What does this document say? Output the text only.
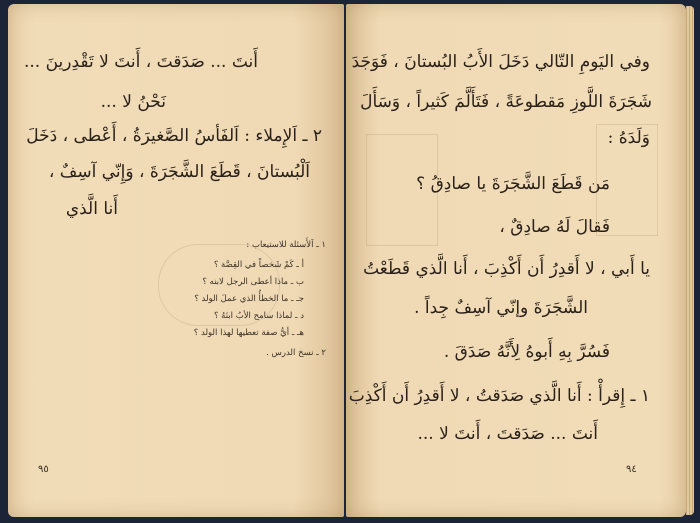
أَنتَ ... صَدَقتَ ، أَنتَ لا تَقْدِرينَ ...
نَحْنُ لا ...
٢ ـ اَلإِملاء : اَلفَأسُ الصَّغيرَةُ ، أَعْطى ، دَخَلَ
اَلْبُستانَ ، قَطَعَ الشَّجَرَةَ ، وَإِنّي آسِفٌ ،
أَنا الَّذي
١ ـ اَلأَسئلة للاستيعاب :
أ ـ كَمْ شَخصاً في القِصَّة ؟
ب ـ ماذا أعطى الرجل لابنه ؟
جـ ـ ما الخطأُ الذي عملَ الولد ؟
د ـ لماذا سامح الأبُ ابنَهُ ؟
هـ ـ أيُّ صفة تعطيها لهذا الولد ؟
٢ ـ نسخ الدرس .
٩٥
وفي اليَومِ التّالي دَخَلَ الأَبُ البُستانَ ، فَوَجَدَ
شَجَرَةَ اللَّوزِ مَقطوعَةً ، فَتَأَلَّمَ كَثيراً ، وَسَأَلَ
وَلَدَهُ :
مَن قَطَعَ الشَّجَرَةَ يا صادِقُ ؟
فَقالَ لَهُ صادِقٌ ،
يا أَبي ، لا أَقدِرُ أَن أَكْذِبَ ، أَنا الَّذي قَطَعْتُ
الشَّجَرَةَ وإنّي آسِفٌ جِداً .
فَسُرَّ بِهِ أَبوهُ لِأَنَّهُ صَدَقَ .
١ ـ إِقرأْ : أَنا الَّذي صَدَقتُ ، لا أَقدِرُ أَن أَكْذِبَ
أَنتَ ... صَدَقتَ ، أَنتَ لا ...
٩٤
